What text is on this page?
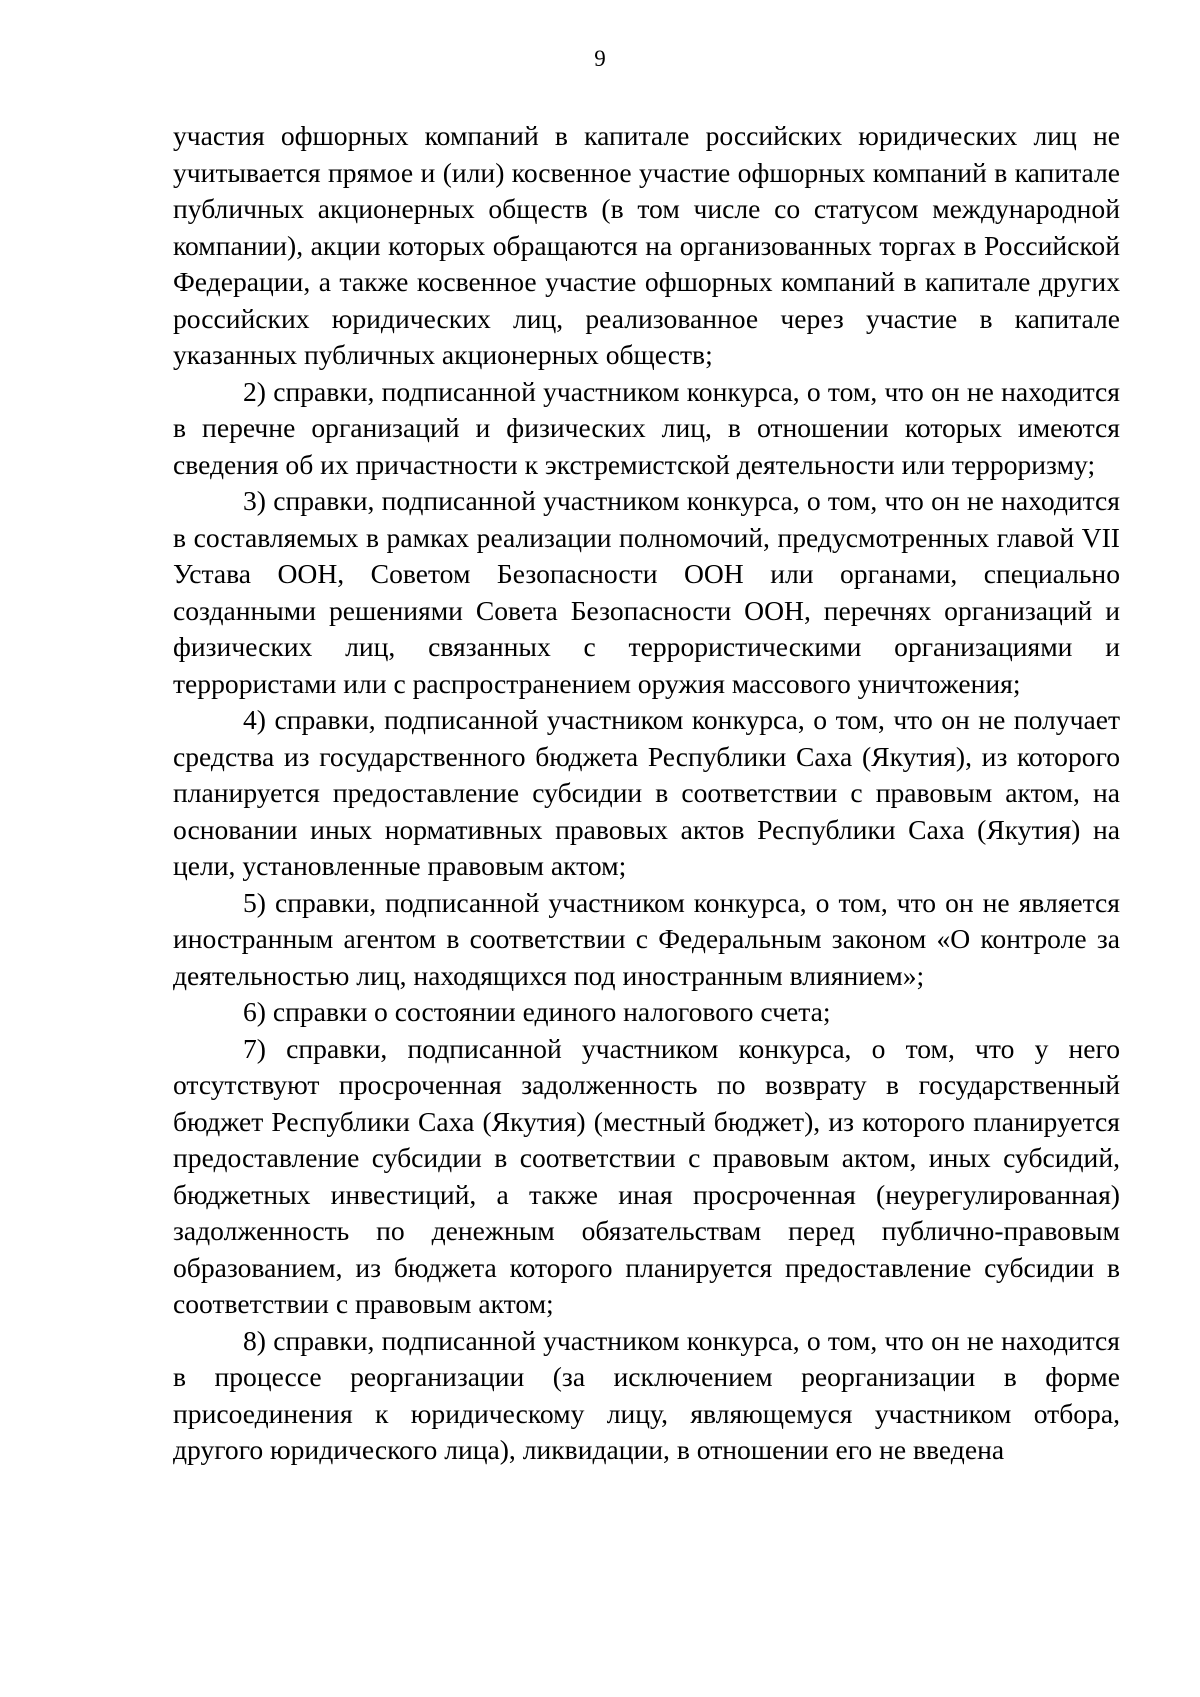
9

участия офшорных компаний в капитале российских юридических лиц не учитывается прямое и (или) косвенное участие офшорных компаний в капитале публичных акционерных обществ (в том числе со статусом международной компании), акции которых обращаются на организованных торгах в Российской Федерации, а также косвенное участие офшорных компаний в капитале других российских юридических лиц, реализованное через участие в капитале указанных публичных акционерных обществ;

2) справки, подписанной участником конкурса, о том, что он не находится в перечне организаций и физических лиц, в отношении которых имеются сведения об их причастности к экстремистской деятельности или терроризму;

3) справки, подписанной участником конкурса, о том, что он не находится в составляемых в рамках реализации полномочий, предусмотренных главой VII Устава ООН, Советом Безопасности ООН или органами, специально созданными решениями Совета Безопасности ООН, перечнях организаций и физических лиц, связанных с террористическими организациями и террористами или с распространением оружия массового уничтожения;

4) справки, подписанной участником конкурса, о том, что он не получает средства из государственного бюджета Республики Саха (Якутия), из которого планируется предоставление субсидии в соответствии с правовым актом, на основании иных нормативных правовых актов Республики Саха (Якутия) на цели, установленные правовым актом;

5) справки, подписанной участником конкурса, о том, что он не является иностранным агентом в соответствии с Федеральным законом «О контроле за деятельностью лиц, находящихся под иностранным влиянием»;

6) справки о состоянии единого налогового счета;

7) справки, подписанной участником конкурса, о том, что у него отсутствуют просроченная задолженность по возврату в государственный бюджет Республики Саха (Якутия) (местный бюджет), из которого планируется предоставление субсидии в соответствии с правовым актом, иных субсидий, бюджетных инвестиций, а также иная просроченная (неурегулированная) задолженность по денежным обязательствам перед публично-правовым образованием, из бюджета которого планируется предоставление субсидии в соответствии с правовым актом;

8) справки, подписанной участником конкурса, о том, что он не находится в процессе реорганизации (за исключением реорганизации в форме присоединения к юридическому лицу, являющемуся участником отбора, другого юридического лица), ликвидации, в отношении его не введена
